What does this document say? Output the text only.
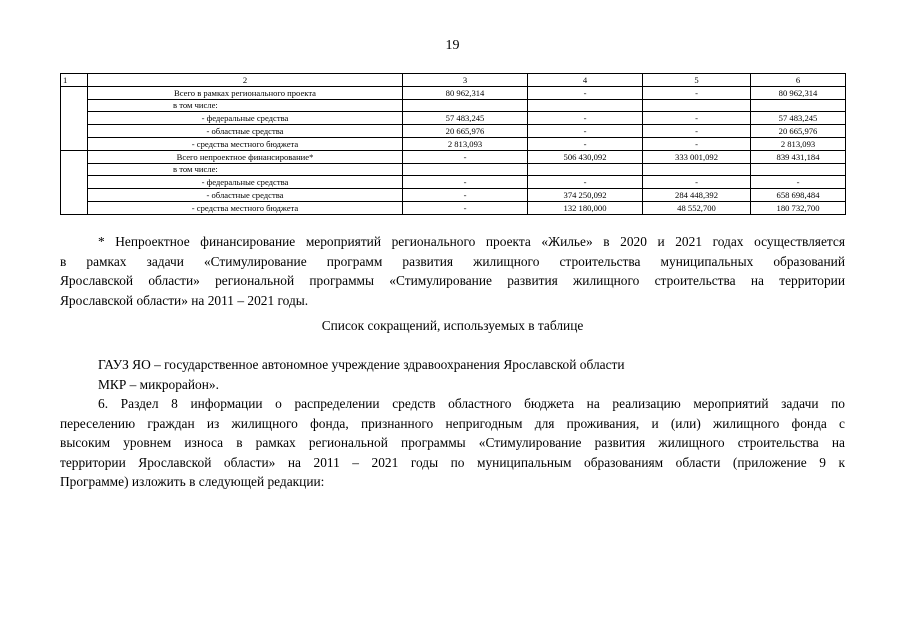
19
1	2	3	4	5	6
	Всего в рамках регионального проекта	80 962,314	-	-	80 962,314
	в том числе:				
	- федеральные средства	57 483,245	-	-	57 483,245
	- областные средства	20 665,976	-	-	20 665,976
	- средства местного бюджета	2 813,093	-	-	2 813,093
	Всего непроектное финансирование*	-	506 430,092	333 001,092	839 431,184
	в том числе:				
	- федеральные средства	-	-	-	-
	- областные средства	-	374 250,092	284 448,392	658 698,484
	- средства местного бюджета	-	132 180,000	48 552,700	180 732,700
* Непроектное финансирование мероприятий регионального проекта «Жилье» в 2020 и 2021 годах осуществляется
в рамках задачи «Стимулирование программ развития жилищного строительства муниципальных образований
Ярославской области» региональной программы «Стимулирование развития жилищного строительства на территории
Ярославской области» на 2011 – 2021 годы.
Список сокращений, используемых в таблице
ГАУЗ ЯО – государственное автономное учреждение здравоохранения Ярославской области
МКР – микрорайон».
6. Раздел 8 информации о распределении средств областного бюджета на реализацию мероприятий задачи по
переселению граждан из жилищного фонда, признанного непригодным для проживания, и (или) жилищного фонда с
высоким уровнем износа в рамках региональной программы «Стимулирование развития жилищного строительства на
территории Ярославской области» на 2011 – 2021 годы по муниципальным образованиям области (приложение 9 к
Программе) изложить в следующей редакции:
